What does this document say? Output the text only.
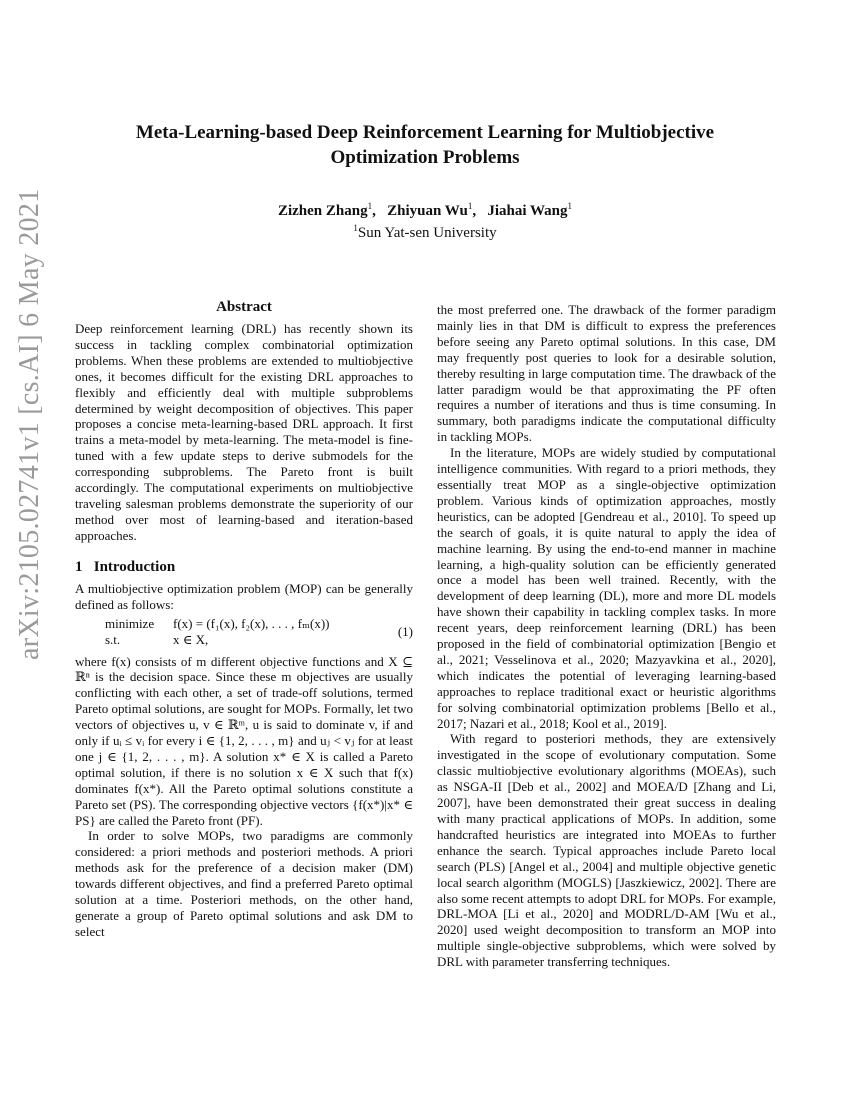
arXiv:2105.02741v1 [cs.AI] 6 May 2021
Meta-Learning-based Deep Reinforcement Learning for Multiobjective
Optimization Problems
Zizhen Zhang$^1$,   Zhiyuan Wu$^1$,   Jiahai Wang$^1$
$^1$Sun Yat-sen University
Abstract

Deep reinforcement learning (DRL) has recently shown its success in tackling complex combinatorial optimization problems. When these problems are extended to multiobjective ones, it becomes difficult for the existing DRL approaches to flexibly and efficiently deal with multiple subproblems determined by weight decomposition of objectives. This paper proposes a concise meta-learning-based DRL approach. It first trains a meta-model by meta-learning. The meta-model is fine-tuned with a few update steps to derive submodels for the corresponding subproblems. The Pareto front is built accordingly. The computational experiments on multiobjective traveling salesman problems demonstrate the superiority of our method over most of learning-based and iteration-based approaches.

1 Introduction

A multiobjective optimization problem (MOP) can be generally defined as follows:

minimize f(x) = (f₁(x), f₂(x), . . . , fₘ(x))
s.t.	x ∈ X,
(1)

where f(x) consists of m different objective functions and X ⊆ ℝⁿ is the decision space. Since these m objectives are usually conflicting with each other, a set of trade-off solutions, termed Pareto optimal solutions, are sought for MOPs. Formally, let two vectors of objectives u, v ∈ ℝᵐ, u is said to dominate v, if and only if uᵢ ≤ vᵢ for every i ∈ {1, 2, . . . , m} and uⱼ < vⱼ for at least one j ∈ {1, 2, . . . , m}. A solution x* ∈ X is called a Pareto optimal solution, if there is no solution x ∈ X such that f(x) dominates f(x*). All the Pareto optimal solutions constitute a Pareto set (PS). The corresponding objective vectors {f(x*)|x* ∈ PS} are called the Pareto front (PF).

In order to solve MOPs, two paradigms are commonly considered: a priori methods and posteriori methods. A priori methods ask for the preference of a decision maker (DM) towards different objectives, and find a preferred Pareto optimal solution at a time. Posteriori methods, on the other hand, generate a group of Pareto optimal solutions and ask DM to select

the most preferred one. The drawback of the former paradigm mainly lies in that DM is difficult to express the preferences before seeing any Pareto optimal solutions. In this case, DM may frequently post queries to look for a desirable solution, thereby resulting in large computation time. The drawback of the latter paradigm would be that approximating the PF often requires a number of iterations and thus is time consuming. In summary, both paradigms indicate the computational difficulty in tackling MOPs.

In the literature, MOPs are widely studied by computational intelligence communities. With regard to a priori methods, they essentially treat MOP as a single-objective optimization problem. Various kinds of optimization approaches, mostly heuristics, can be adopted [Gendreau et al., 2010]. To speed up the search of goals, it is quite natural to apply the idea of machine learning. By using the end-to-end manner in machine learning, a high-quality solution can be efficiently generated once a model has been well trained. Recently, with the development of deep learning (DL), more and more DL models have shown their capability in tackling complex tasks. In more recent years, deep reinforcement learning (DRL) has been proposed in the field of combinatorial optimization [Bengio et al., 2021; Vesselinova et al., 2020; Mazyavkina et al., 2020], which indicates the potential of leveraging learning-based approaches to replace traditional exact or heuristic algorithms for solving combinatorial optimization problems [Bello et al., 2017; Nazari et al., 2018; Kool et al., 2019].

With regard to posteriori methods, they are extensively investigated in the scope of evolutionary computation. Some classic multiobjective evolutionary algorithms (MOEAs), such as NSGA-II [Deb et al., 2002] and MOEA/D [Zhang and Li, 2007], have been demonstrated their great success in dealing with many practical applications of MOPs. In addition, some handcrafted heuristics are integrated into MOEAs to further enhance the search. Typical approaches include Pareto local search (PLS) [Angel et al., 2004] and multiple objective genetic local search algorithm (MOGLS) [Jaszkiewicz, 2002]. There are also some recent attempts to adopt DRL for MOPs. For example, DRL-MOA [Li et al., 2020] and MODRL/D-AM [Wu et al., 2020] used weight decomposition to transform an MOP into multiple single-objective subproblems, which were solved by DRL with parameter transferring techniques.
